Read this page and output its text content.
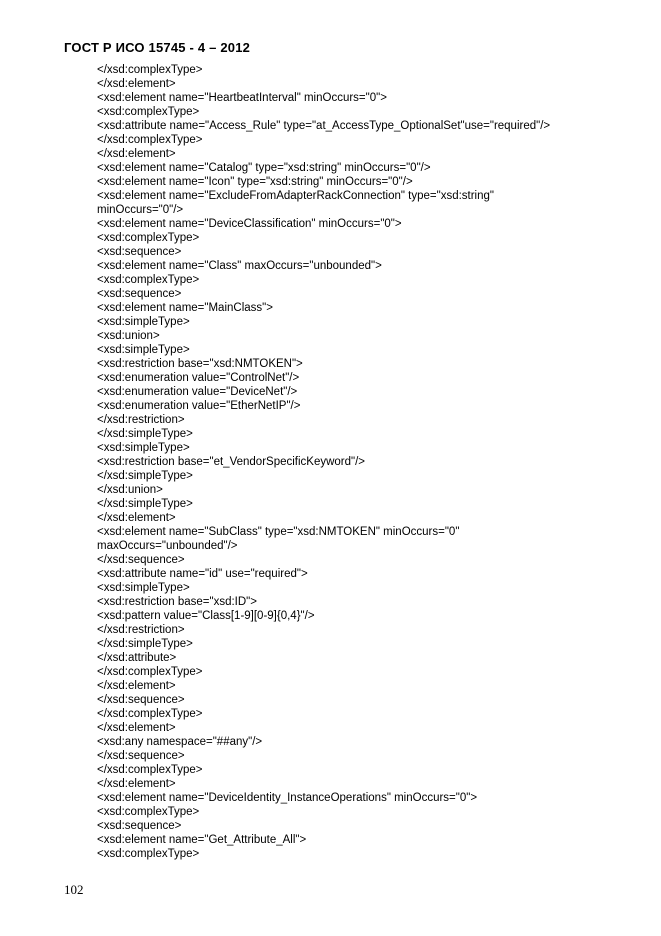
ГОСТ Р ИСО 15745 - 4 – 2012
</xsd:complexType>
</xsd:element>
<xsd:element name="HeartbeatInterval" minOccurs="0">
<xsd:complexType>
<xsd:attribute name="Access_Rule" type="at_AccessType_OptionalSet"use="required"/>
</xsd:complexType>
</xsd:element>
<xsd:element name="Catalog" type="xsd:string" minOccurs="0"/>
<xsd:element name="Icon" type="xsd:string" minOccurs="0"/>
<xsd:element name="ExcludeFromAdapterRackConnection" type="xsd:string"
minOccurs="0"/>
<xsd:element name="DeviceClassification" minOccurs="0">
<xsd:complexType>
<xsd:sequence>
<xsd:element name="Class" maxOccurs="unbounded">
<xsd:complexType>
<xsd:sequence>
<xsd:element name="MainClass">
<xsd:simpleType>
<xsd:union>
<xsd:simpleType>
<xsd:restriction base="xsd:NMTOKEN">
<xsd:enumeration value="ControlNet"/>
<xsd:enumeration value="DeviceNet"/>
<xsd:enumeration value="EtherNetIP"/>
</xsd:restriction>
</xsd:simpleType>
<xsd:simpleType>
<xsd:restriction base="et_VendorSpecificKeyword"/>
</xsd:simpleType>
</xsd:union>
</xsd:simpleType>
</xsd:element>
<xsd:element name="SubClass" type="xsd:NMTOKEN" minOccurs="0"
maxOccurs="unbounded"/>
</xsd:sequence>
<xsd:attribute name="id" use="required">
<xsd:simpleType>
<xsd:restriction base="xsd:ID">
<xsd:pattern value="Class[1-9][0-9]{0,4}"/>
</xsd:restriction>
</xsd:simpleType>
</xsd:attribute>
</xsd:complexType>
</xsd:element>
</xsd:sequence>
</xsd:complexType>
</xsd:element>
<xsd:any namespace="##any"/>
</xsd:sequence>
</xsd:complexType>
</xsd:element>
<xsd:element name="DeviceIdentity_InstanceOperations" minOccurs="0">
<xsd:complexType>
<xsd:sequence>
<xsd:element name="Get_Attribute_All">
<xsd:complexType>
102
